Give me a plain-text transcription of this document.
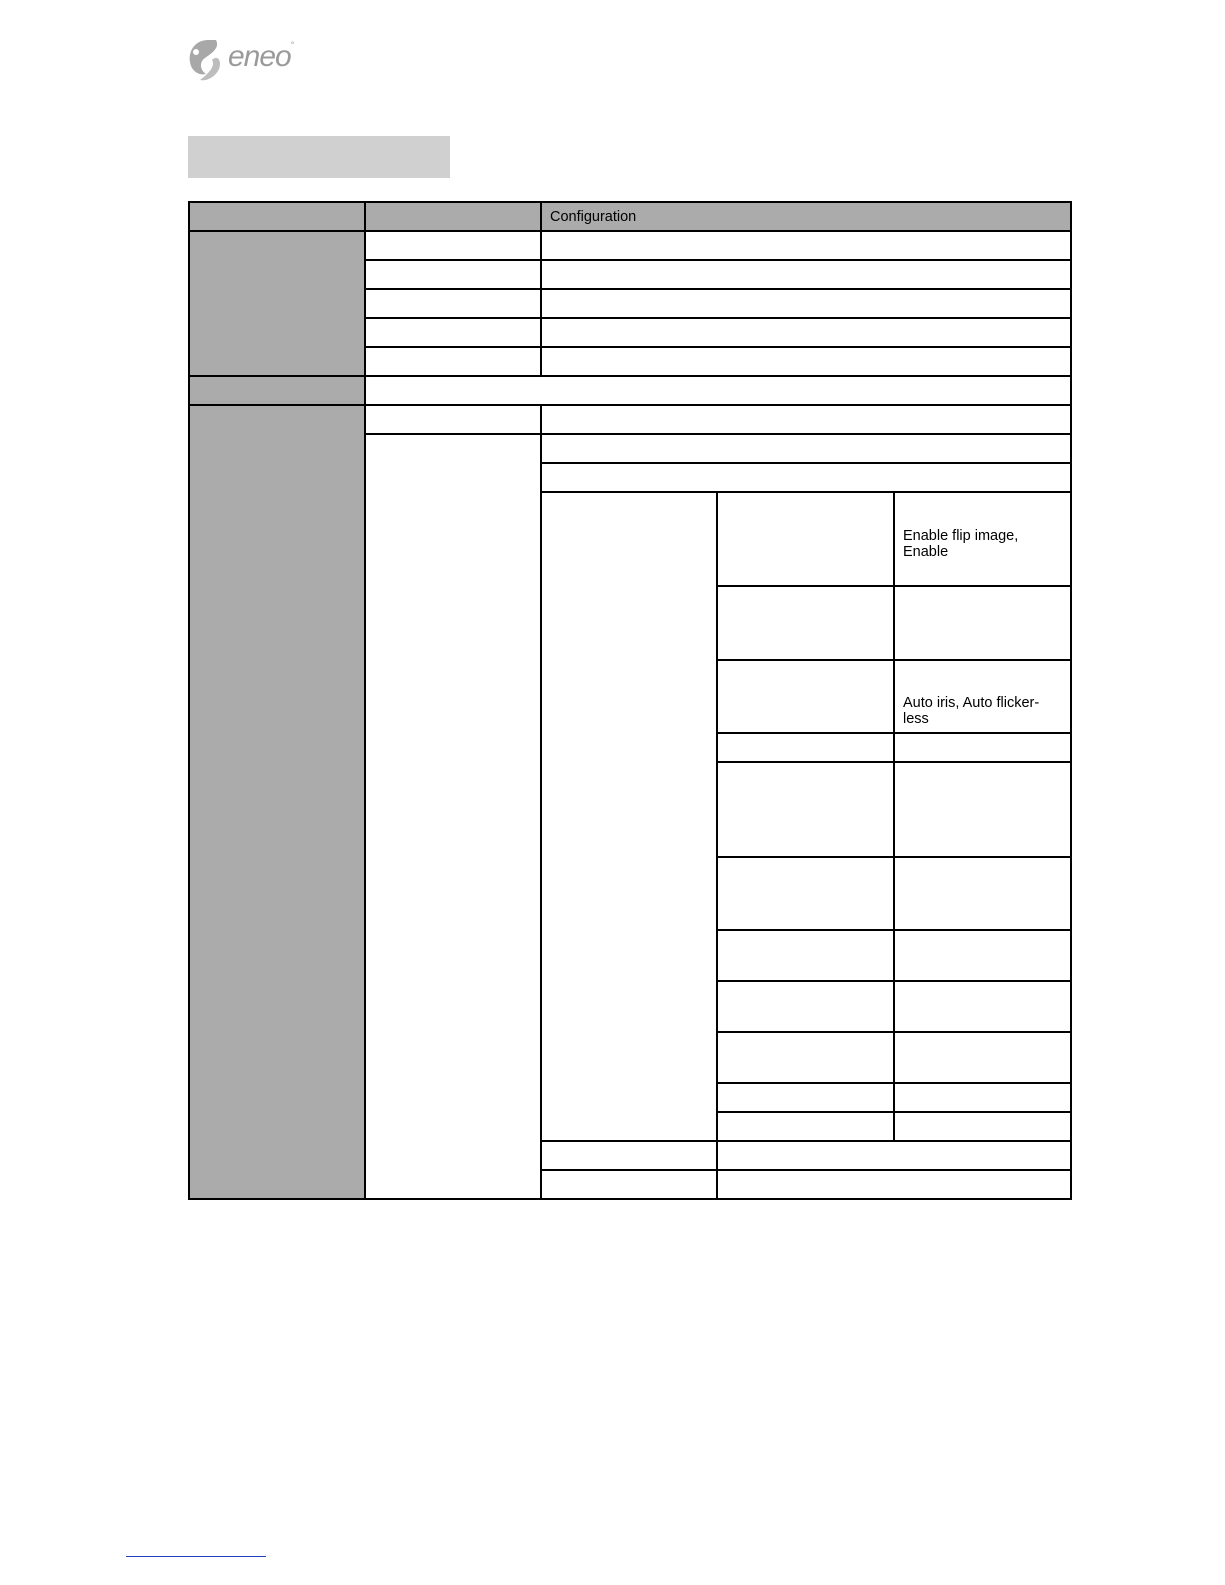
eneo°
		Configuration		

				Enable flip image, Enable

				Auto iris, Auto flicker-less
